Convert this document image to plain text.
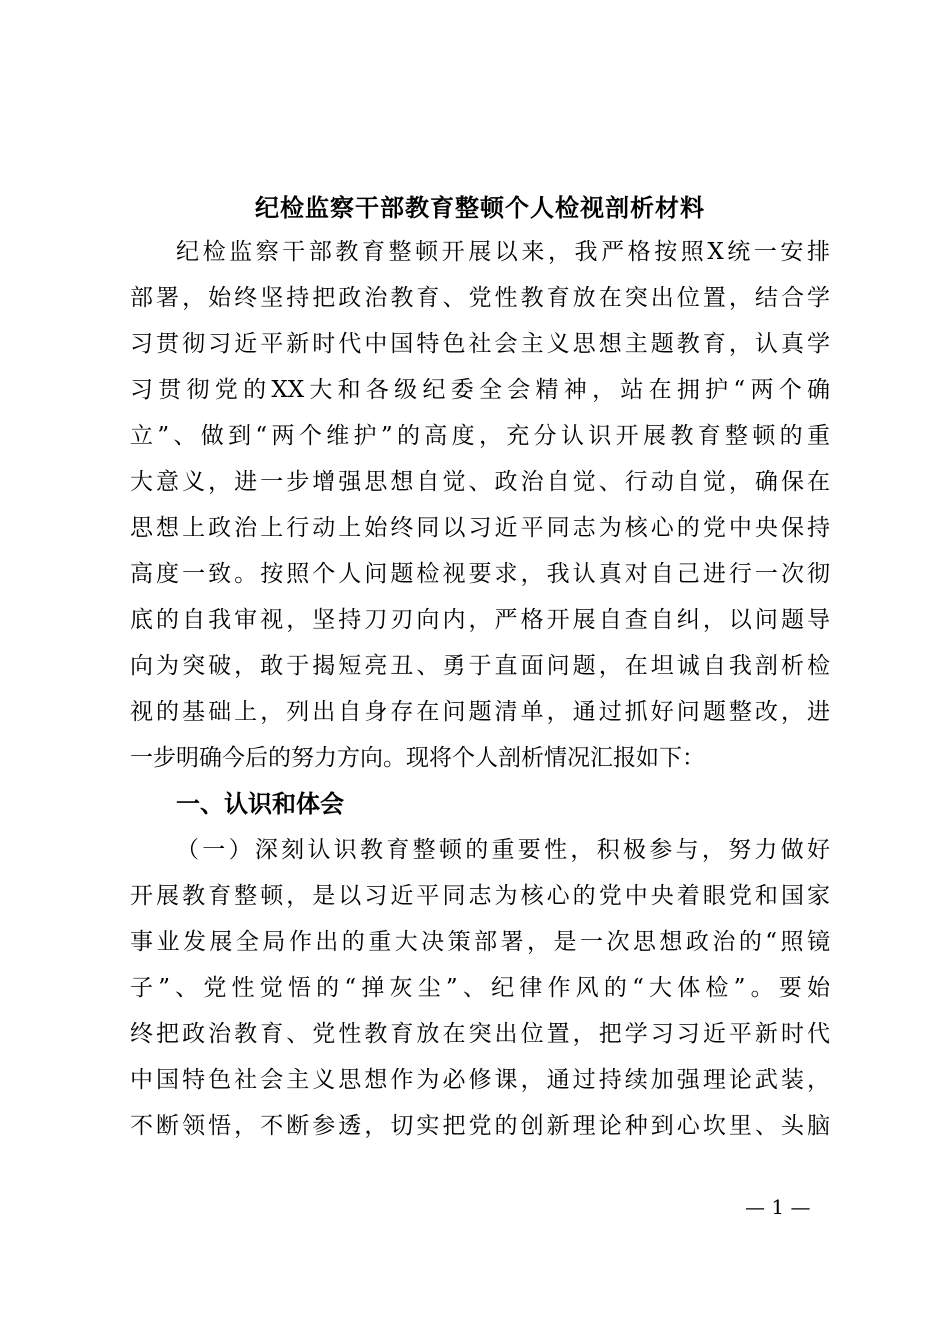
纪检监察干部教育整顿个人检视剖析材料
纪检监察干部教育整顿开展以来，我严格按照X统一安排
部署，始终坚持把政治教育、党性教育放在突出位置，结合学
习贯彻习近平新时代中国特色社会主义思想主题教育，认真学
习贯彻党的XX大和各级纪委全会精神，站在拥护“两个确
立”、做到“两个维护”的高度，充分认识开展教育整顿的重
大意义，进一步增强思想自觉、政治自觉、行动自觉，确保在
思想上政治上行动上始终同以习近平同志为核心的党中央保持
高度一致。按照个人问题检视要求，我认真对自己进行一次彻
底的自我审视，坚持刀刃向内，严格开展自查自纠，以问题导
向为突破，敢于揭短亮丑、勇于直面问题，在坦诚自我剖析检
视的基础上，列出自身存在问题清单，通过抓好问题整改，进
一步明确今后的努力方向。现将个人剖析情况汇报如下：
一、认识和体会
（一）深刻认识教育整顿的重要性，积极参与，努力做好
开展教育整顿，是以习近平同志为核心的党中央着眼党和国家
事业发展全局作出的重大决策部署，是一次思想政治的“照镜
子”、党性觉悟的“掸灰尘”、纪律作风的“大体检”。要始
终把政治教育、党性教育放在突出位置，把学习习近平新时代
中国特色社会主义思想作为必修课，通过持续加强理论武装，
不断领悟，不断参透，切实把党的创新理论种到心坎里、头脑
— 1 —
